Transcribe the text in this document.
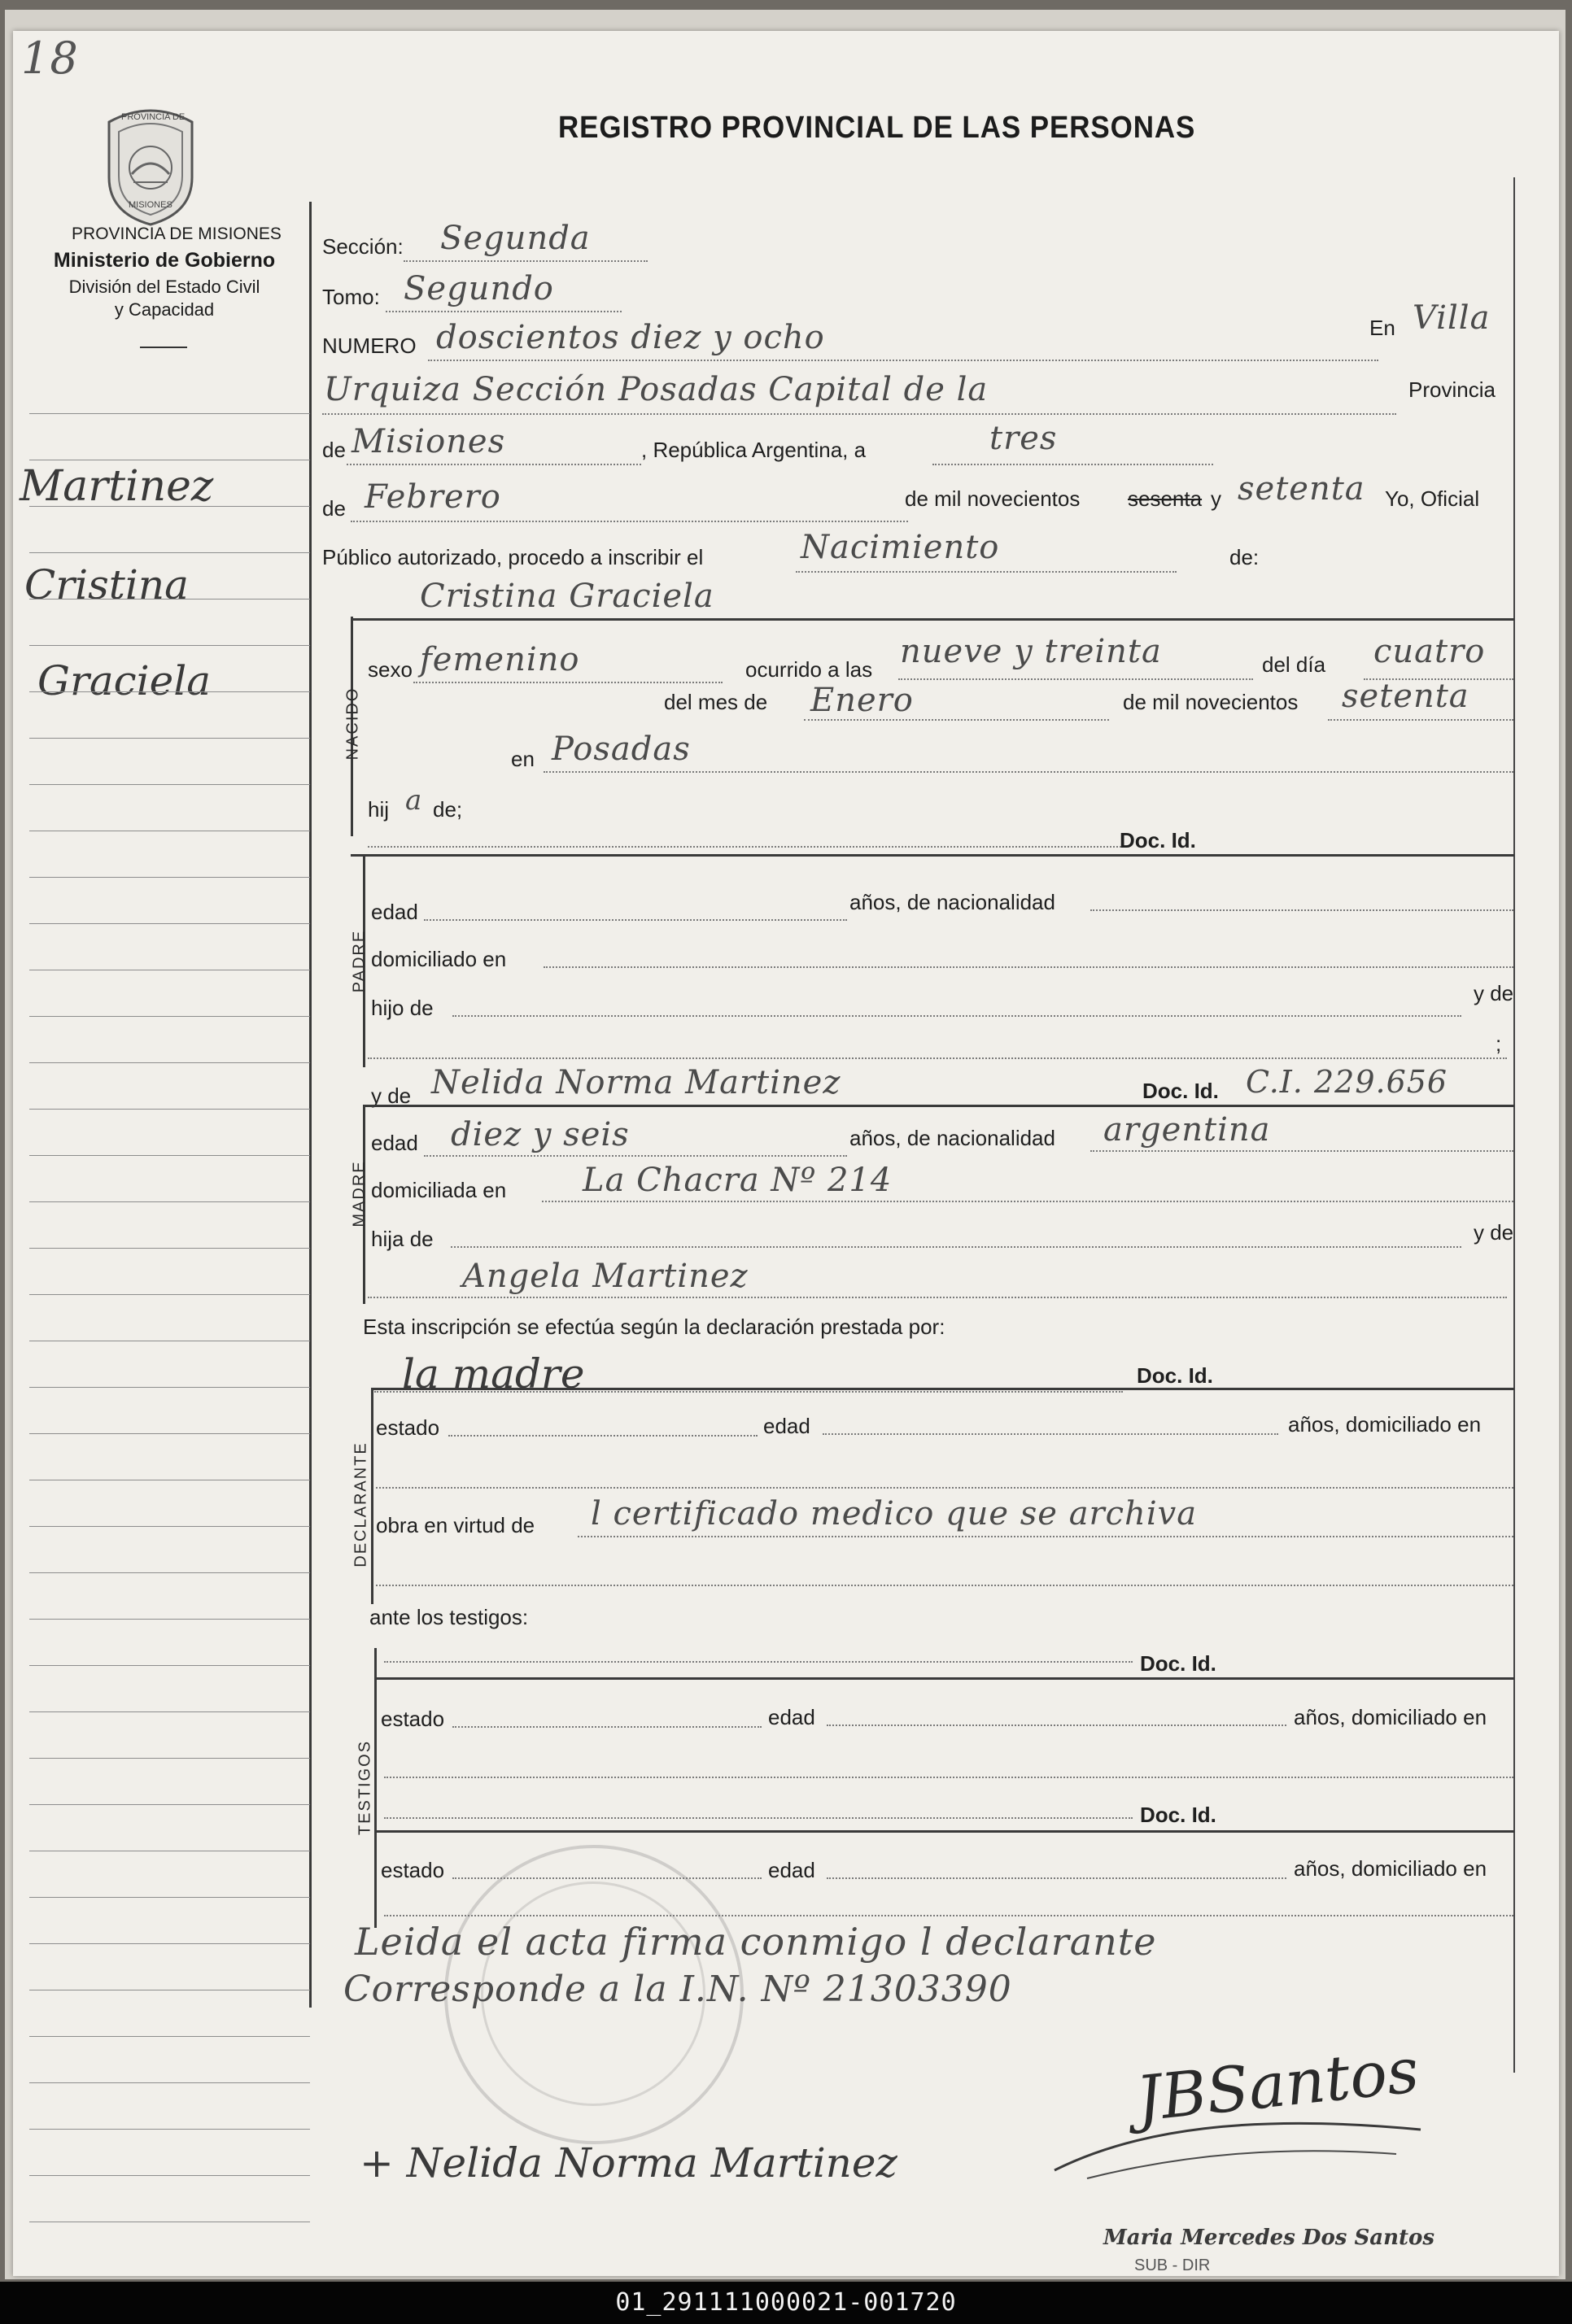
18
PROVINCIA DE
MISIONES
REGISTRO PROVINCIAL DE LAS PERSONAS
PROVINCIA DE MISIONES
Ministerio de Gobierno
División del Estado Civil
y Capacidad
Martinez
Cristina
Graciela
Sección: Segunda
Tomo: Segundo
NUMERO doscientos diez y ocho	En Villa
Urquiza Sección Posadas Capital de la	Provincia
de Misiones	, República Argentina, a	tres
de Febrero	de mil novecientos sesenta y setenta Yo, Oficial
Público autorizado, procedo a inscribir el	Nacimiento	de:
Cristina Graciela
NACIDO
sexo femenino	ocurrido a las nueve y treinta	del día cuatro
del mes de Enero	de mil novecientos setenta
en Posadas
hij a de;
Doc. Id.
PADRE
edad	años, de nacionalidad
domiciliado en
hijo de
y de
;
y de Nelida Norma Martinez	Doc. Id. C.I. 229.656
MADRE
edad diez y seis	años, de nacionalidad argentina
domiciliada en La Chacra Nº 214
hija de	y de
Angela Martinez
Esta inscripción se efectúa según la declaración prestada por:
la madre	Doc. Id.
DECLARANTE
estado	edad	años, domiciliado en
obra en virtud de l certificado medico que se archiva
ante los testigos:
TESTIGOS
Doc. Id.
estado	edad	años, domiciliado en
Doc. Id.
estado	edad	años, domiciliado en
Leida el acta firma conmigo l declarante
Corresponde a la I.N. Nº 21303390
+ Nelida Norma Martinez
JBSantos
Maria Mercedes Dos Santos
SUB - DIR
01_291111000021-001720
